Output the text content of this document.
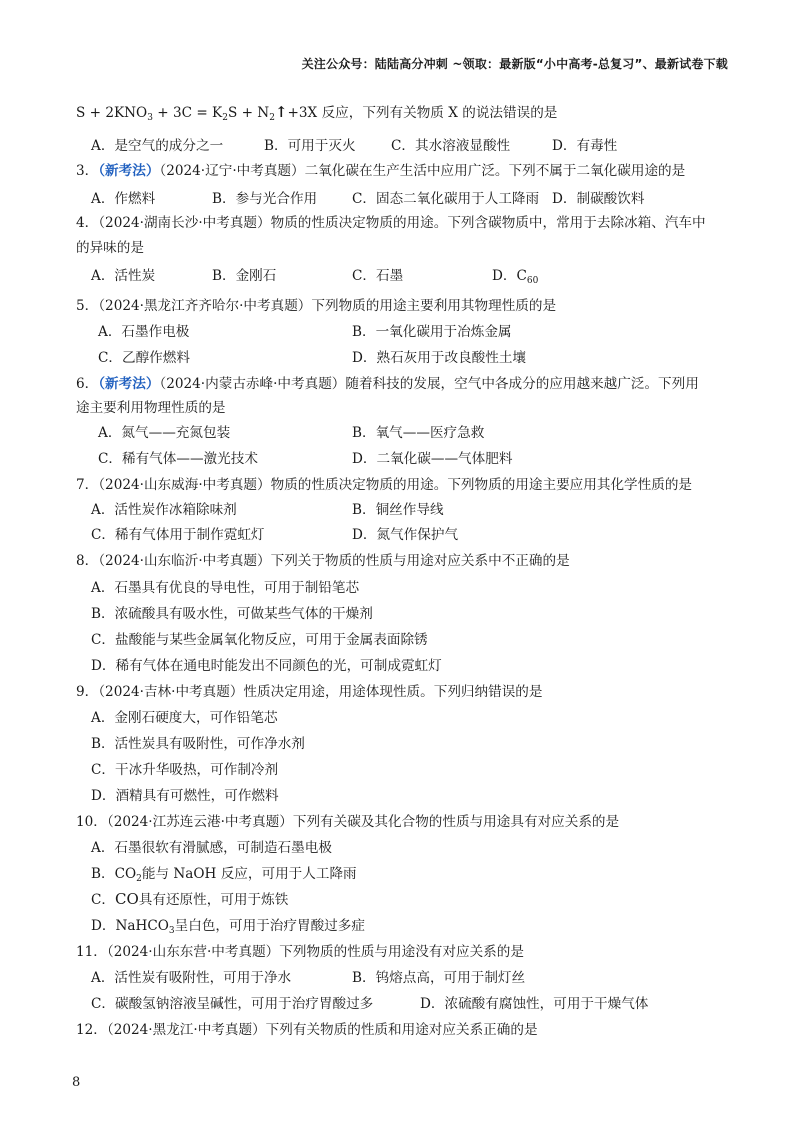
关注公众号：陆陆高分冲刺 ~领取：最新版“小中高考-总复习”、最新试卷下载
$S + 2KNO_3 + 3C = K_2S$ + $N_2↑+3X$ 反应，下列有关物质 X 的说法错误的是
A．是空气的成分之一	B．可用于灭火	C．其水溶液显酸性	D．有毒性
3．（新考法）（2024·辽宁·中考真题）二氧化碳在生产生活中应用广泛。下列不属于二氧化碳用途的是
A．作燃料	B．参与光合作用	C．固态二氧化碳用于人工降雨 D．制碳酸饮料
4．（2024·湖南长沙·中考真题）物质的性质决定物质的用途。下列含碳物质中，常用于去除冰箱、汽车中
的异味的是
A．活性炭	B．金刚石	C．石墨	D．$C_{60}$
5．（2024·黑龙江齐齐哈尔·中考真题）下列物质的用途主要利用其物理性质的是
A．石墨作电极	B．一氧化碳用于冶炼金属
C．乙醇作燃料	D．熟石灰用于改良酸性土壤
6．（新考法）（2024·内蒙古赤峰·中考真题）随着科技的发展，空气中各成分的应用越来越广泛。下列用
途主要利用物理性质的是
A．氮气——充氮包装	B．氧气——医疗急救
C．稀有气体——激光技术	D．二氧化碳——气体肥料
7．（2024·山东威海·中考真题）物质的性质决定物质的用途。下列物质的用途主要应用其化学性质的是
A．活性炭作冰箱除味剂	B．铜丝作导线
C．稀有气体用于制作霓虹灯	D．氮气作保护气
8．（2024·山东临沂·中考真题）下列关于物质的性质与用途对应关系中不正确的是
A．石墨具有优良的导电性，可用于制铅笔芯
B．浓硫酸具有吸水性，可做某些气体的干燥剂
C．盐酸能与某些金属氧化物反应，可用于金属表面除锈
D．稀有气体在通电时能发出不同颜色的光，可制成霓虹灯
9．（2024·吉林·中考真题）性质决定用途，用途体现性质。下列归纳错误的是
A．金刚石硬度大，可作铅笔芯
B．活性炭具有吸附性，可作净水剂
C．干冰升华吸热，可作制冷剂
D．酒精具有可燃性，可作燃料
10．（2024·江苏连云港·中考真题）下列有关碳及其化合物的性质与用途具有对应关系的是
A．石墨很软有滑腻感，可制造石墨电极
B．$CO_2$能与 NaOH 反应，可用于人工降雨
C．CO具有还原性，可用于炼铁
D．NaHCO$_3$呈白色，可用于治疗胃酸过多症
11．（2024·山东东营·中考真题）下列物质的性质与用途没有对应关系的是
A．活性炭有吸附性，可用于净水	B．钨熔点高，可用于制灯丝
C．碳酸氢钠溶液呈碱性，可用于治疗胃酸过多	D．浓硫酸有腐蚀性，可用于干燥气体
12．（2024·黑龙江·中考真题）下列有关物质的性质和用途对应关系正确的是
8
